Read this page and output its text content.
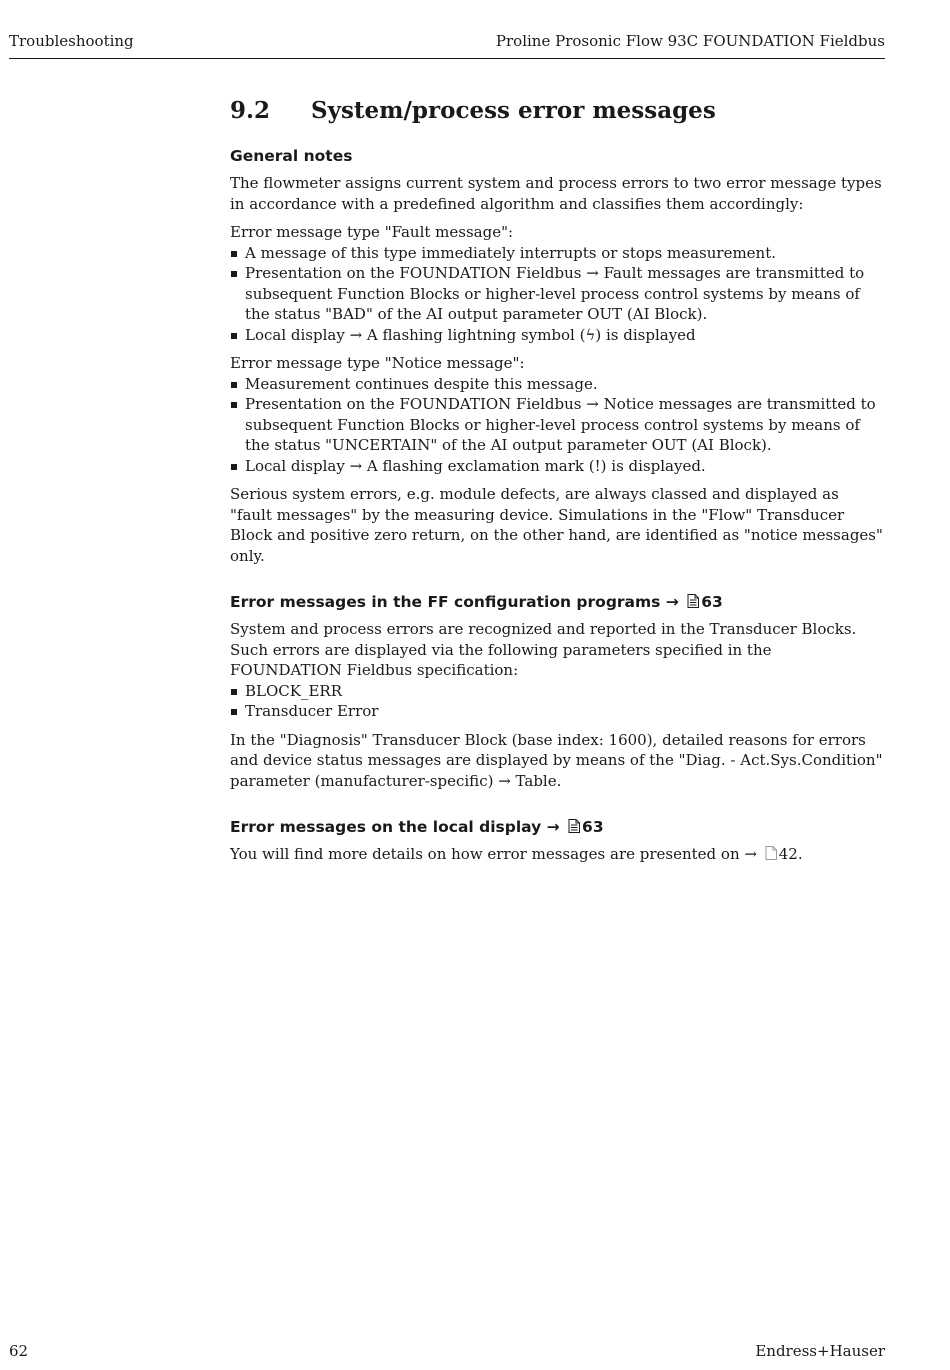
Troubleshooting	Proline Prosonic Flow 93C FOUNDATION Fieldbus
9.2 System/process error messages
General notes

The flowmeter assigns current system and process errors to two error message types in accordance with a predefined algorithm and classifies them accordingly:

Error message type "Fault message":

A message of this type immediately interrupts or stops measurement.
Presentation on the FOUNDATION Fieldbus → Fault messages are transmitted to subsequent Function Blocks or higher-level process control systems by means of the status "BAD" of the AI output parameter OUT (AI Block).
Local display → A flashing lightning symbol (ϟ) is displayed

Error message type "Notice message":

Measurement continues despite this message.
Presentation on the FOUNDATION Fieldbus → Notice messages are transmitted to subsequent Function Blocks or higher-level process control systems by means of the status "UNCERTAIN" of the AI output parameter OUT (AI Block).
Local display → A flashing exclamation mark (!) is displayed.

Serious system errors, e.g. module defects, are always classed and displayed as "fault messages" by the measuring device. Simulations in the "Flow" Transducer Block and positive zero return, on the other hand, are identified as "notice messages" only.

Error messages in the FF configuration programs → 63

System and process errors are recognized and reported in the Transducer Blocks. Such errors are displayed via the following parameters specified in the FOUNDATION Fieldbus specification:

BLOCK_ERR
Transducer Error

In the "Diagnosis" Transducer Block (base index: 1600), detailed reasons for errors and device status messages are displayed by means of the "Diag. - Act.Sys.Condition" parameter (manufacturer-specific) → Table.

Error messages on the local display → 63

You will find more details on how error messages are presented on → 42.

62	Endress+Hauser
